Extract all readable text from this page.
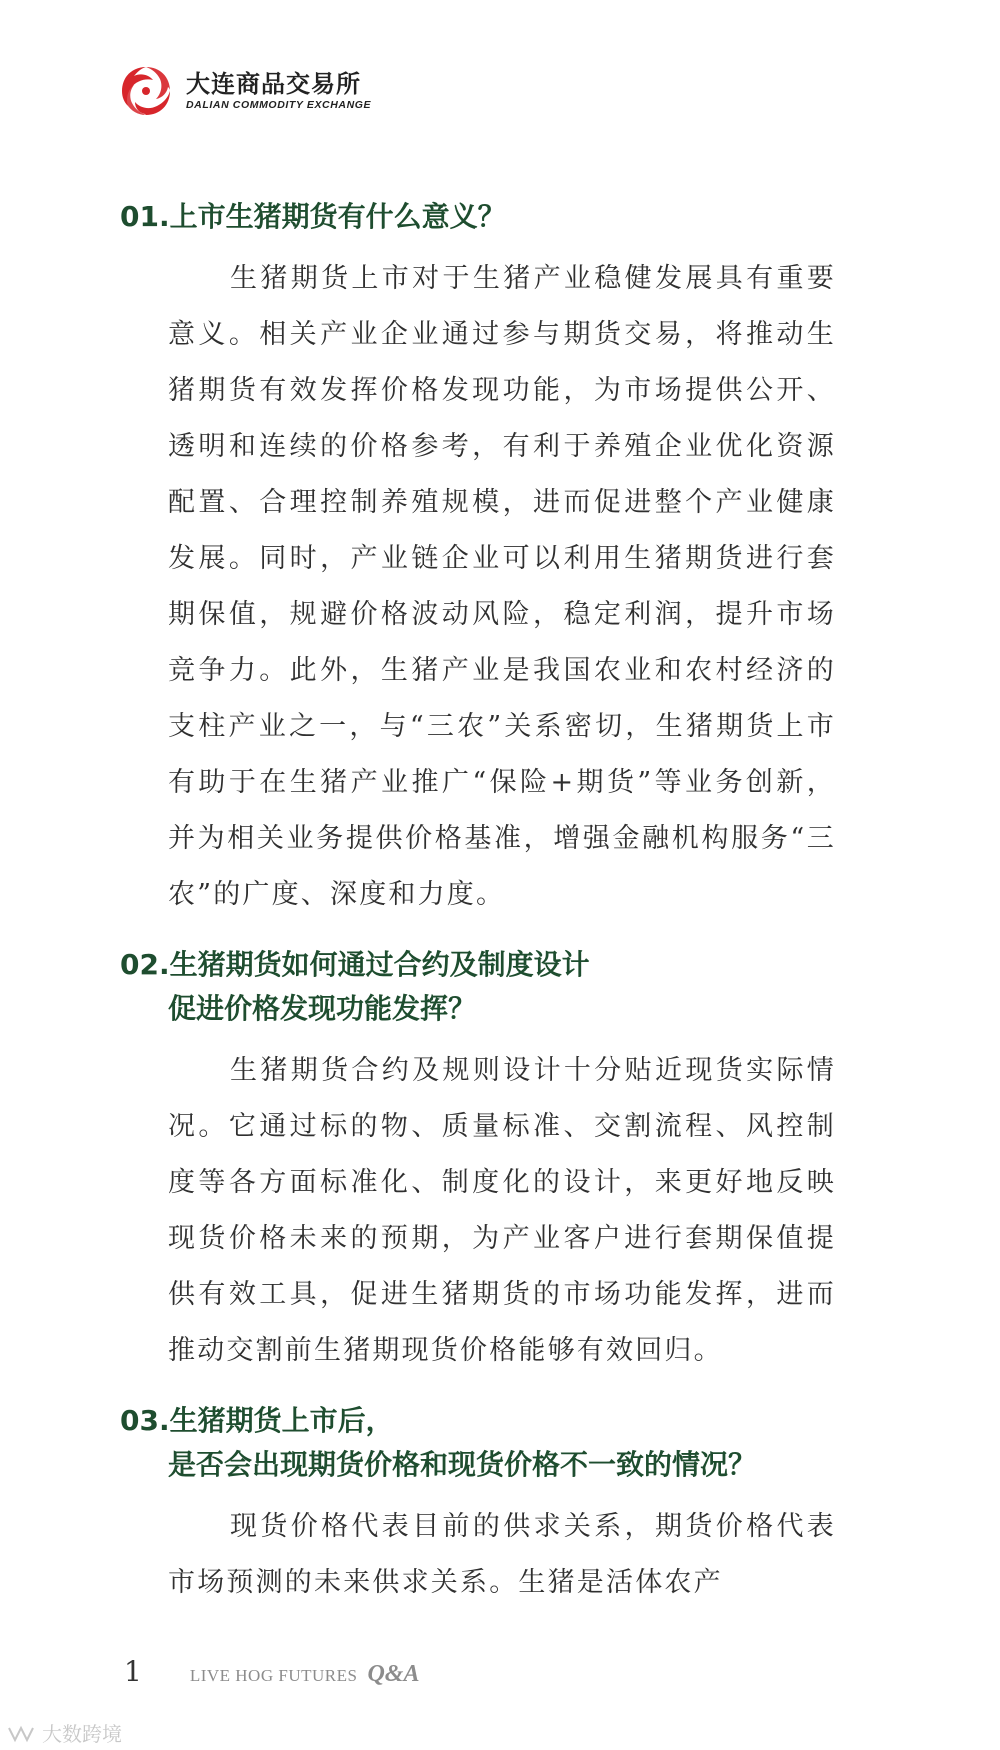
大连商品交易所
DALIAN COMMODITY EXCHANGE
01.上市生猪期货有什么意义？
生猪期货上市对于生猪产业稳健发展具有重要意义。相关产业企业通过参与期货交易，将推动生猪期货有效发挥价格发现功能，为市场提供公开、透明和连续的价格参考，有利于养殖企业优化资源配置、合理控制养殖规模，进而促进整个产业健康发展。同时，产业链企业可以利用生猪期货进行套期保值，规避价格波动风险，稳定利润，提升市场竞争力。此外，生猪产业是我国农业和农村经济的支柱产业之一，与“三农”关系密切，生猪期货上市有助于在生猪产业推广“保险+期货”等业务创新，并为相关业务提供价格基准，增强金融机构服务“三农”的广度、深度和力度。
02.生猪期货如何通过合约及制度设计
促进价格发现功能发挥？
生猪期货合约及规则设计十分贴近现货实际情况。它通过标的物、质量标准、交割流程、风控制度等各方面标准化、制度化的设计，来更好地反映现货价格未来的预期，为产业客户进行套期保值提供有效工具，促进生猪期货的市场功能发挥，进而推动交割前生猪期现货价格能够有效回归。
03.生猪期货上市后，
是否会出现期货价格和现货价格不一致的情况？
现货价格代表目前的供求关系，期货价格代表市场预测的未来供求关系。生猪是活体农产
1	LIVE HOG FUTURES Q&A
大数跨境
